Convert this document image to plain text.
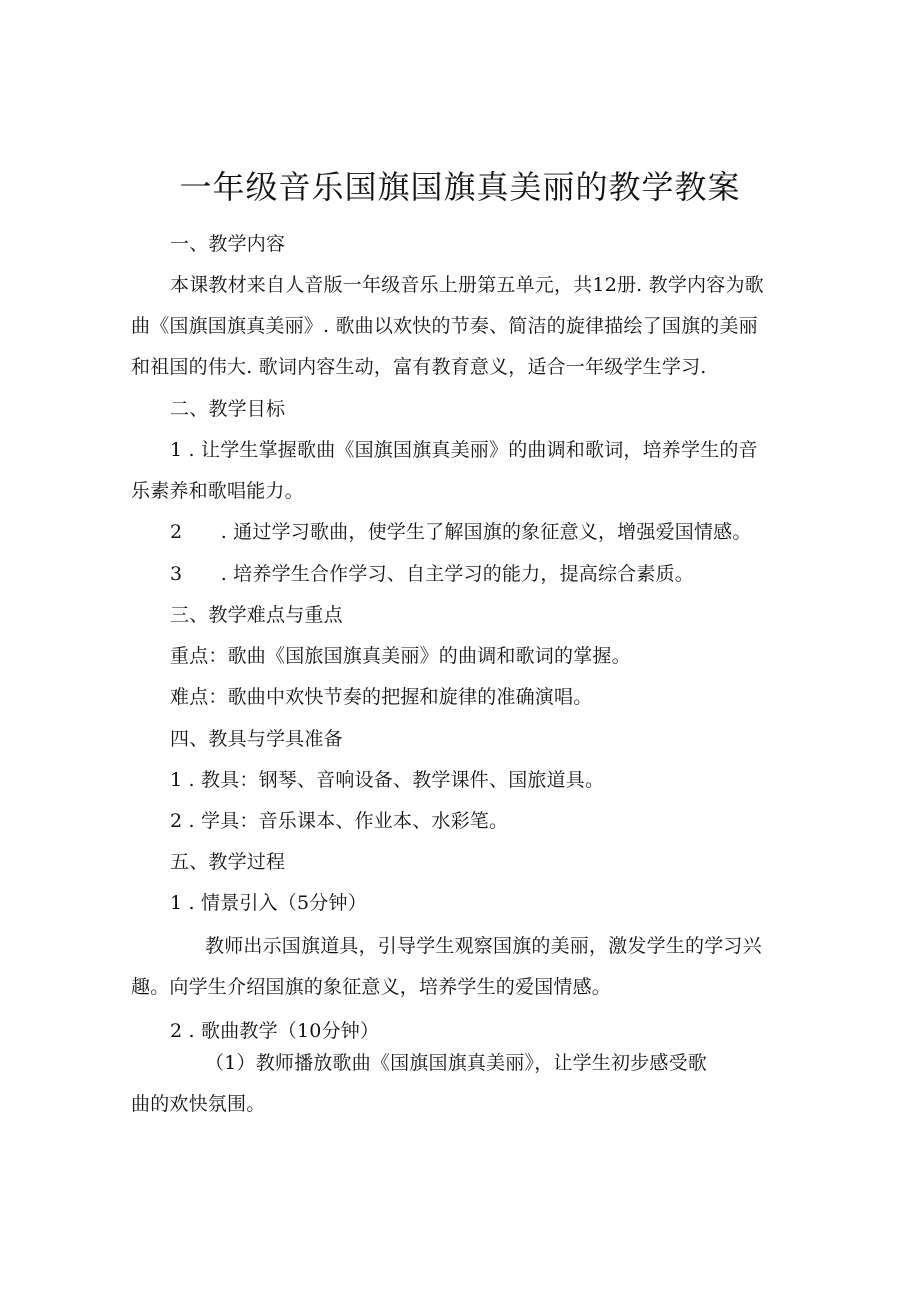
一年级音乐国旗国旗真美丽的教学教案

一、教学内容

本课教材来自人音版一年级音乐上册第五单元，共12册. 教学内容为歌

曲《国旗国旗真美丽》. 歌曲以欢快的节奏、简洁的旋律描绘了国旗的美丽

和祖国的伟大. 歌词内容生动，富有教育意义，适合一年级学生学习.

二、教学目标

1 . 让学生掌握歌曲《国旗国旗真美丽》的曲调和歌词，培养学生的音

乐素养和歌唱能力。

2　　. 通过学习歌曲，使学生了解国旗的象征意义，增强爱国情感。

3　　. 培养学生合作学习、自主学习的能力，提高综合素质。

三、教学难点与重点

重点：歌曲《国旅国旗真美丽》的曲调和歌词的掌握。

难点：歌曲中欢快节奏的把握和旋律的准确演唱。

四、教具与学具准备

1 . 教具：钢琴、音响设备、教学课件、国旅道具。

2 . 学具：音乐课本、作业本、水彩笔。

五、教学过程

1 . 情景引入（5分钟）

教师出示国旗道具，引导学生观察国旗的美丽，激发学生的学习兴

趣。向学生介绍国旗的象征意义，培养学生的爱国情感。

2 . 歌曲教学（10分钟）

（1）教师播放歌曲《国旗国旗真美丽》，让学生初步感受歌

曲的欢快氛围。
